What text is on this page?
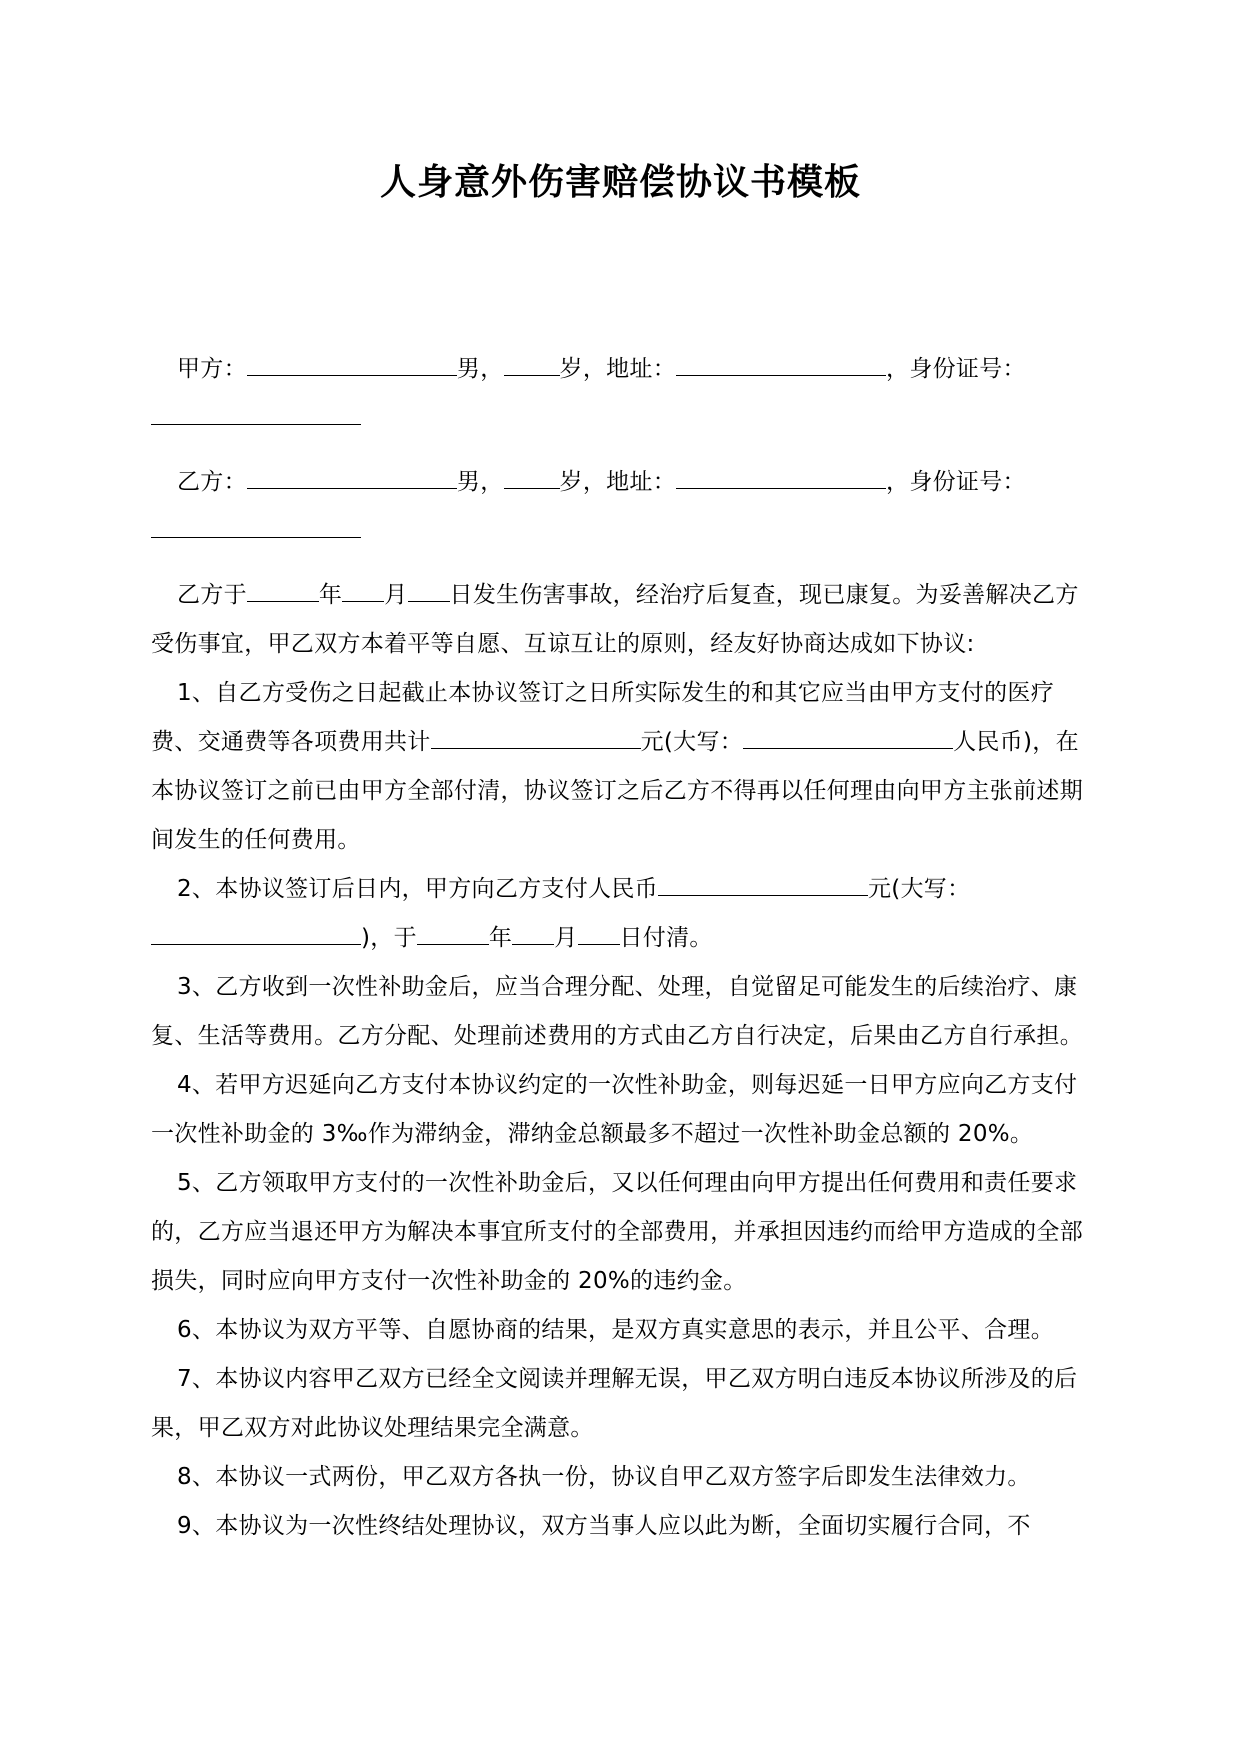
人身意外伤害赔偿协议书模板

甲方：	男， 岁，地址：	，身份证号：

乙方：	男， 岁，地址：	，身份证号：

乙方于	年 月 日发生伤害事故，经治疗后复查，现已康复。为妥善解决乙方受伤事宜，甲乙双方本着平等自愿、互谅互让的原则，经友好协商达成如下协议:

1、自乙方受伤之日起截止本协议签订之日所实际发生的和其它应当由甲方支付的医疗费、交通费等各项费用共计	元(大写：	人民币)，在本协议签订之前已由甲方全部付清，协议签订之后乙方不得再以任何理由向甲方主张前述期间发生的任何费用。

2、本协议签订后日内，甲方向乙方支付人民币	元(大写：)，于	年 月 日付清。

3、乙方收到一次性补助金后，应当合理分配、处理，自觉留足可能发生的后续治疗、康复、生活等费用。乙方分配、处理前述费用的方式由乙方自行决定，后果由乙方自行承担。

4、若甲方迟延向乙方支付本协议约定的一次性补助金，则每迟延一日甲方应向乙方支付一次性补助金的 3‰作为滞纳金，滞纳金总额最多不超过一次性补助金总额的 20%。

5、乙方领取甲方支付的一次性补助金后，又以任何理由向甲方提出任何费用和责任要求的，乙方应当退还甲方为解决本事宜所支付的全部费用，并承担因违约而给甲方造成的全部损失，同时应向甲方支付一次性补助金的 20%的违约金。

6、本协议为双方平等、自愿协商的结果，是双方真实意思的表示，并且公平、合理。

7、本协议内容甲乙双方已经全文阅读并理解无误，甲乙双方明白违反本协议所涉及的后果，甲乙双方对此协议处理结果完全满意。

8、本协议一式两份，甲乙双方各执一份，协议自甲乙双方签字后即发生法律效力。

9、本协议为一次性终结处理协议，双方当事人应以此为断，全面切实履行合同，不
